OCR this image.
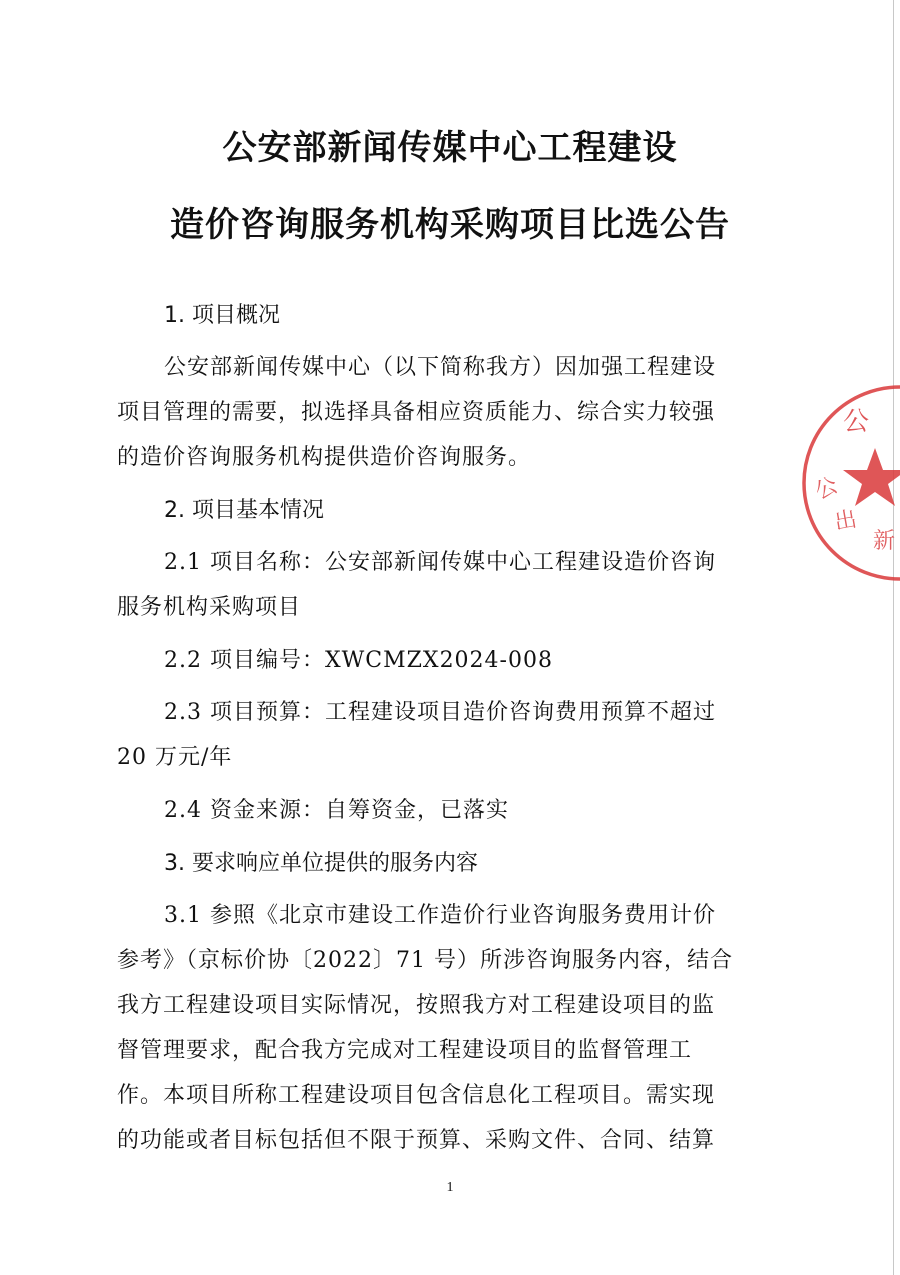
公安部新闻传媒中心工程建设
造价咨询服务机构采购项目比选公告
1. 项目概况
公安部新闻传媒中心（以下简称我方）因加强工程建设
项目管理的需要，拟选择具备相应资质能力、综合实力较强
的造价咨询服务机构提供造价咨询服务。
2. 项目基本情况
2.1 项目名称：公安部新闻传媒中心工程建设造价咨询
服务机构采购项目
2.2 项目编号：XWCMZX2024-008
2.3 项目预算：工程建设项目造价咨询费用预算不超过
20 万元/年
2.4 资金来源：自筹资金，已落实
3. 要求响应单位提供的服务内容
3.1 参照《北京市建设工作造价行业咨询服务费用计价
参考》（京标价协〔2022〕71 号）所涉咨询服务内容，结合
我方工程建设项目实际情况，按照我方对工程建设项目的监
督管理要求，配合我方完成对工程建设项目的监督管理工
作。本项目所称工程建设项目包含信息化工程项目。需实现
的功能或者目标包括但不限于预算、采购文件、合同、结算
1
公
公
出
新
